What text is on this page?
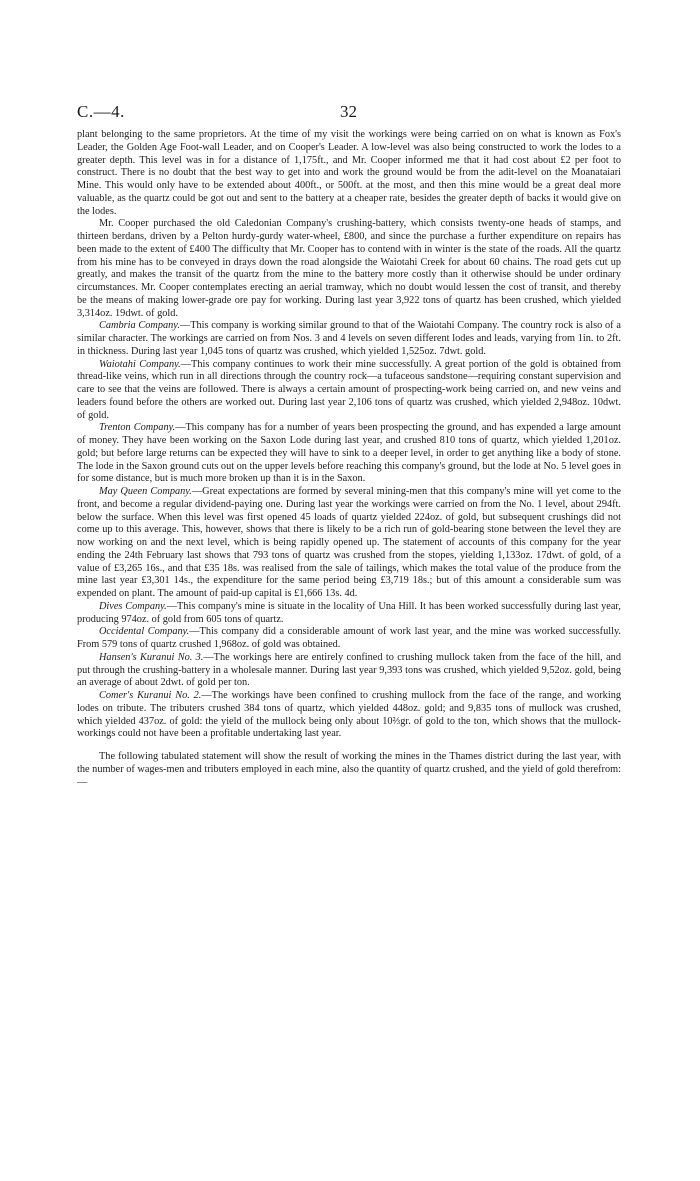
C.—4.	32

plant belonging to the same proprietors. At the time of my visit the workings were being carried on on what is known as Fox's Leader, the Golden Age Foot-wall Leader, and on Cooper's Leader. A low-level was also being constructed to work the lodes to a greater depth. This level was in for a distance of 1,175ft., and Mr. Cooper informed me that it had cost about £2 per foot to construct. There is no doubt that the best way to get into and work the ground would be from the adit-level on the Moanataiari Mine. This would only have to be extended about 400ft., or 500ft. at the most, and then this mine would be a great deal more valuable, as the quartz could be got out and sent to the battery at a cheaper rate, besides the greater depth of backs it would give on the lodes.

Mr. Cooper purchased the old Caledonian Company's crushing-battery, which consists twenty-one heads of stamps, and thirteen berdans, driven by a Pelton hurdy-gurdy water-wheel, £800, and since the purchase a further expenditure on repairs has been made to the extent of £400 The difficulty that Mr. Cooper has to contend with in winter is the state of the roads. All the quartz from his mine has to be conveyed in drays down the road alongside the Waiotahi Creek for about 60 chains. The road gets cut up greatly, and makes the transit of the quartz from the mine to the battery more costly than it otherwise should be under ordinary circumstances. Mr. Cooper contemplates erecting an aerial tramway, which no doubt would lessen the cost of transit, and thereby be the means of making lower-grade ore pay for working. During last year 3,922 tons of quartz has been crushed, which yielded 3,314oz. 19dwt. of gold.

Cambria Company.—This company is working similar ground to that of the Waiotahi Company. The country rock is also of a similar character. The workings are carried on from Nos. 3 and 4 levels on seven different lodes and leads, varying from 1in. to 2ft. in thickness. During last year 1,045 tons of quartz was crushed, which yielded 1,525oz. 7dwt. gold.

Waiotahi Company.—This company continues to work their mine successfully. A great portion of the gold is obtained from thread-like veins, which run in all directions through the country rock—a tufaceous sandstone—requiring constant supervision and care to see that the veins are followed. There is always a certain amount of prospecting-work being carried on, and new veins and leaders found before the others are worked out. During last year 2,106 tons of quartz was crushed, which yielded 2,948oz. 10dwt. of gold.

Trenton Company.—This company has for a number of years been prospecting the ground, and has expended a large amount of money. They have been working on the Saxon Lode during last year, and crushed 810 tons of quartz, which yielded 1,201oz. gold; but before large returns can be expected they will have to sink to a deeper level, in order to get anything like a body of stone. The lode in the Saxon ground cuts out on the upper levels before reaching this company's ground, but the lode at No. 5 level goes in for some distance, but is much more broken up than it is in the Saxon.

May Queen Company.—Great expectations are formed by several mining-men that this company's mine will yet come to the front, and become a regular dividend-paying one. During last year the workings were carried on from the No. 1 level, about 294ft. below the surface. When this level was first opened 45 loads of quartz yielded 224oz. of gold, but subsequent crushings did not come up to this average. This, however, shows that there is likely to be a rich run of gold-bearing stone between the level they are now working on and the next level, which is being rapidly opened up. The statement of accounts of this company for the year ending the 24th February last shows that 793 tons of quartz was crushed from the stopes, yielding 1,133oz. 17dwt. of gold, of a value of £3,265 16s., and that £35 18s. was realised from the sale of tailings, which makes the total value of the produce from the mine last year £3,301 14s., the expenditure for the same period being £3,719 18s.; but of this amount a considerable sum was expended on plant. The amount of paid-up capital is £1,666 13s. 4d.

Dives Company.—This company's mine is situate in the locality of Una Hill. It has been worked successfully during last year, producing 974oz. of gold from 605 tons of quartz.

Occidental Company.—This company did a considerable amount of work last year, and the mine was worked successfully. From 579 tons of quartz crushed 1,968oz. of gold was obtained.

Hansen's Kuranui No. 3.—The workings here are entirely confined to crushing mullock taken from the face of the hill, and put through the crushing-battery in a wholesale manner. During last year 9,393 tons was crushed, which yielded 9,52oz. gold, being an average of about 2dwt. of gold per ton.

Comer's Kuranui No. 2.—The workings have been confined to crushing mullock from the face of the range, and working lodes on tribute. The tributers crushed 384 tons of quartz, which yielded 448oz. gold; and 9,835 tons of mullock was crushed, which yielded 437oz. of gold: the yield of the mullock being only about 10⅔gr. of gold to the ton, which shows that the mullock-workings could not have been a profitable undertaking last year.

The following tabulated statement will show the result of working the mines in the Thames district during the last year, with the number of wages-men and tributers employed in each mine, also the quantity of quartz crushed, and the yield of gold therefrom:—
